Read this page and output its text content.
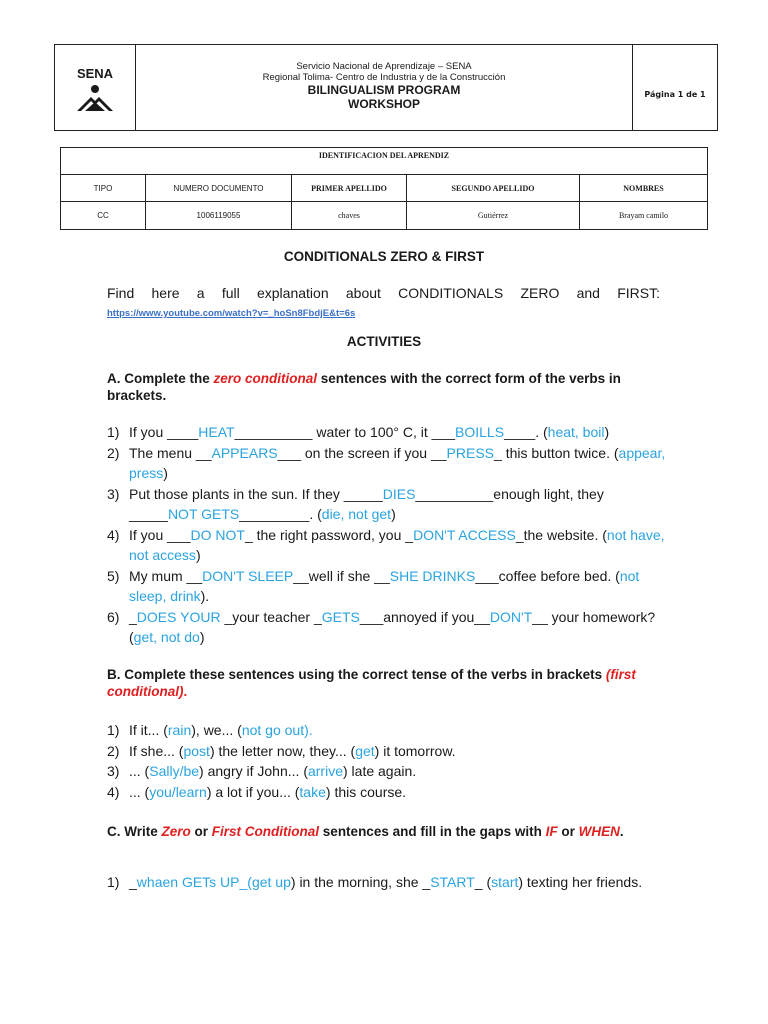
SENA	Servicio Nacional de Aprendizaje – SENA
Regional Tolima- Centro de Industria y de la Construcción
BILINGUALISM PROGRAM
WORKSHOP
Página 1 de 1
IDENTIFICACION DEL APRENDIZ				
TIPO	NUMERO DOCUMENTO	PRIMER APELLIDO	SEGUNDO APELLIDO	NOMBRES
CC	1006119055	chaves	Gutiérrez	Brayam camilo
CONDITIONALS ZERO & FIRST
Find here a full explanation about CONDITIONALS ZERO and FIRST:
https://www.youtube.com/watch?v=_hoSn8FbdjE&t=6s
ACTIVITIES
A. Complete the zero conditional sentences with the correct form of the verbs in brackets.
1) If you ____HEAT__________ water to 100° C, it ___BOILLS____. (heat, boil)
2) The menu __APPEARS___ on the screen if you __PRESS_ this button twice. (appear, press)
3) Put those plants in the sun. If they _____DIES__________enough light, they _____NOT GETS_________. (die, not get)
4) If you ___DO NOT_ the right password, you _DON'T ACCESS_the website. (not have, not access)
5) My mum __DON'T SLEEP__well if she __SHE DRINKS___coffee before bed. (not sleep, drink).
6) _DOES YOUR _your teacher _GETS___annoyed if you__DON'T__ your homework? (get, not do)
B. Complete these sentences using the correct tense of the verbs in brackets (first conditional).
1) If it... (rain), we... (not go out).
2) If she... (post) the letter now, they... (get) it tomorrow.
3) ... (Sally/be) angry if John... (arrive) late again.
4) ... (you/learn) a lot if you... (take) this course.
C. Write Zero or First Conditional sentences and fill in the gaps with IF or WHEN.
1) _whaen GETs UP_(get up) in the morning, she _START_ (start) texting her friends.
